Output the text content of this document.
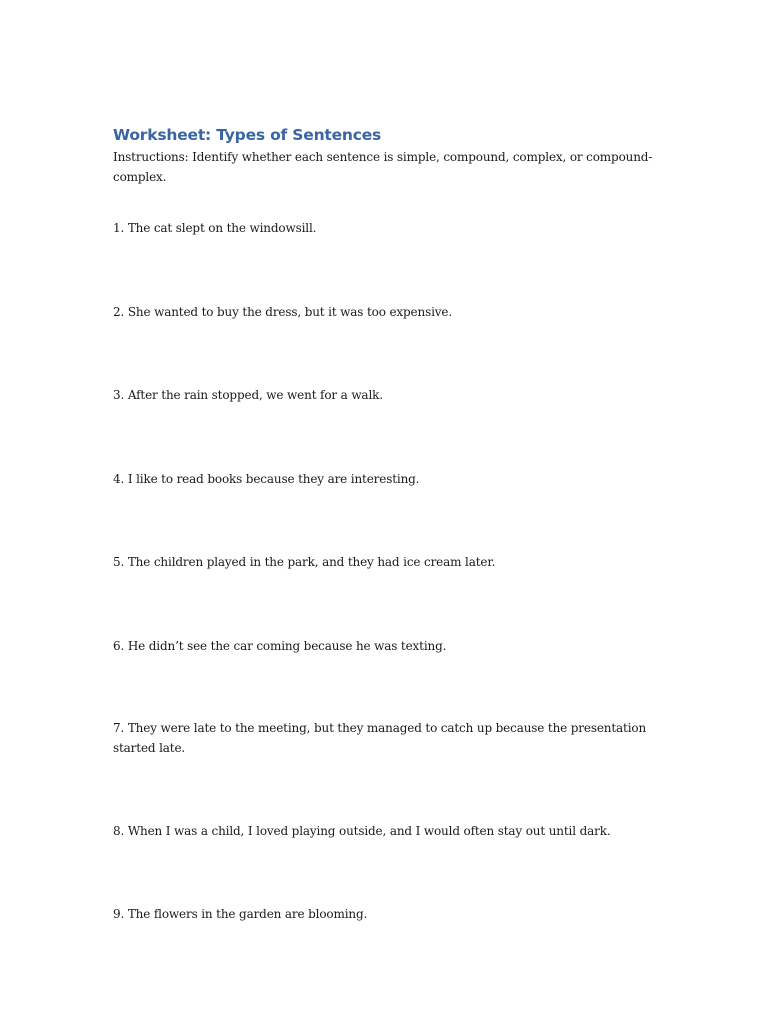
Worksheet: Types of Sentences

Instructions: Identify whether each sentence is simple, compound, complex, or compound-complex.

1. The cat slept on the windowsill.
2. She wanted to buy the dress, but it was too expensive.
3. After the rain stopped, we went for a walk.
4. I like to read books because they are interesting.
5. The children played in the park, and they had ice cream later.
6. He didn’t see the car coming because he was texting.
7. They were late to the meeting, but they managed to catch up because the presentation started late.
8. When I was a child, I loved playing outside, and I would often stay out until dark.
9. The flowers in the garden are blooming.
